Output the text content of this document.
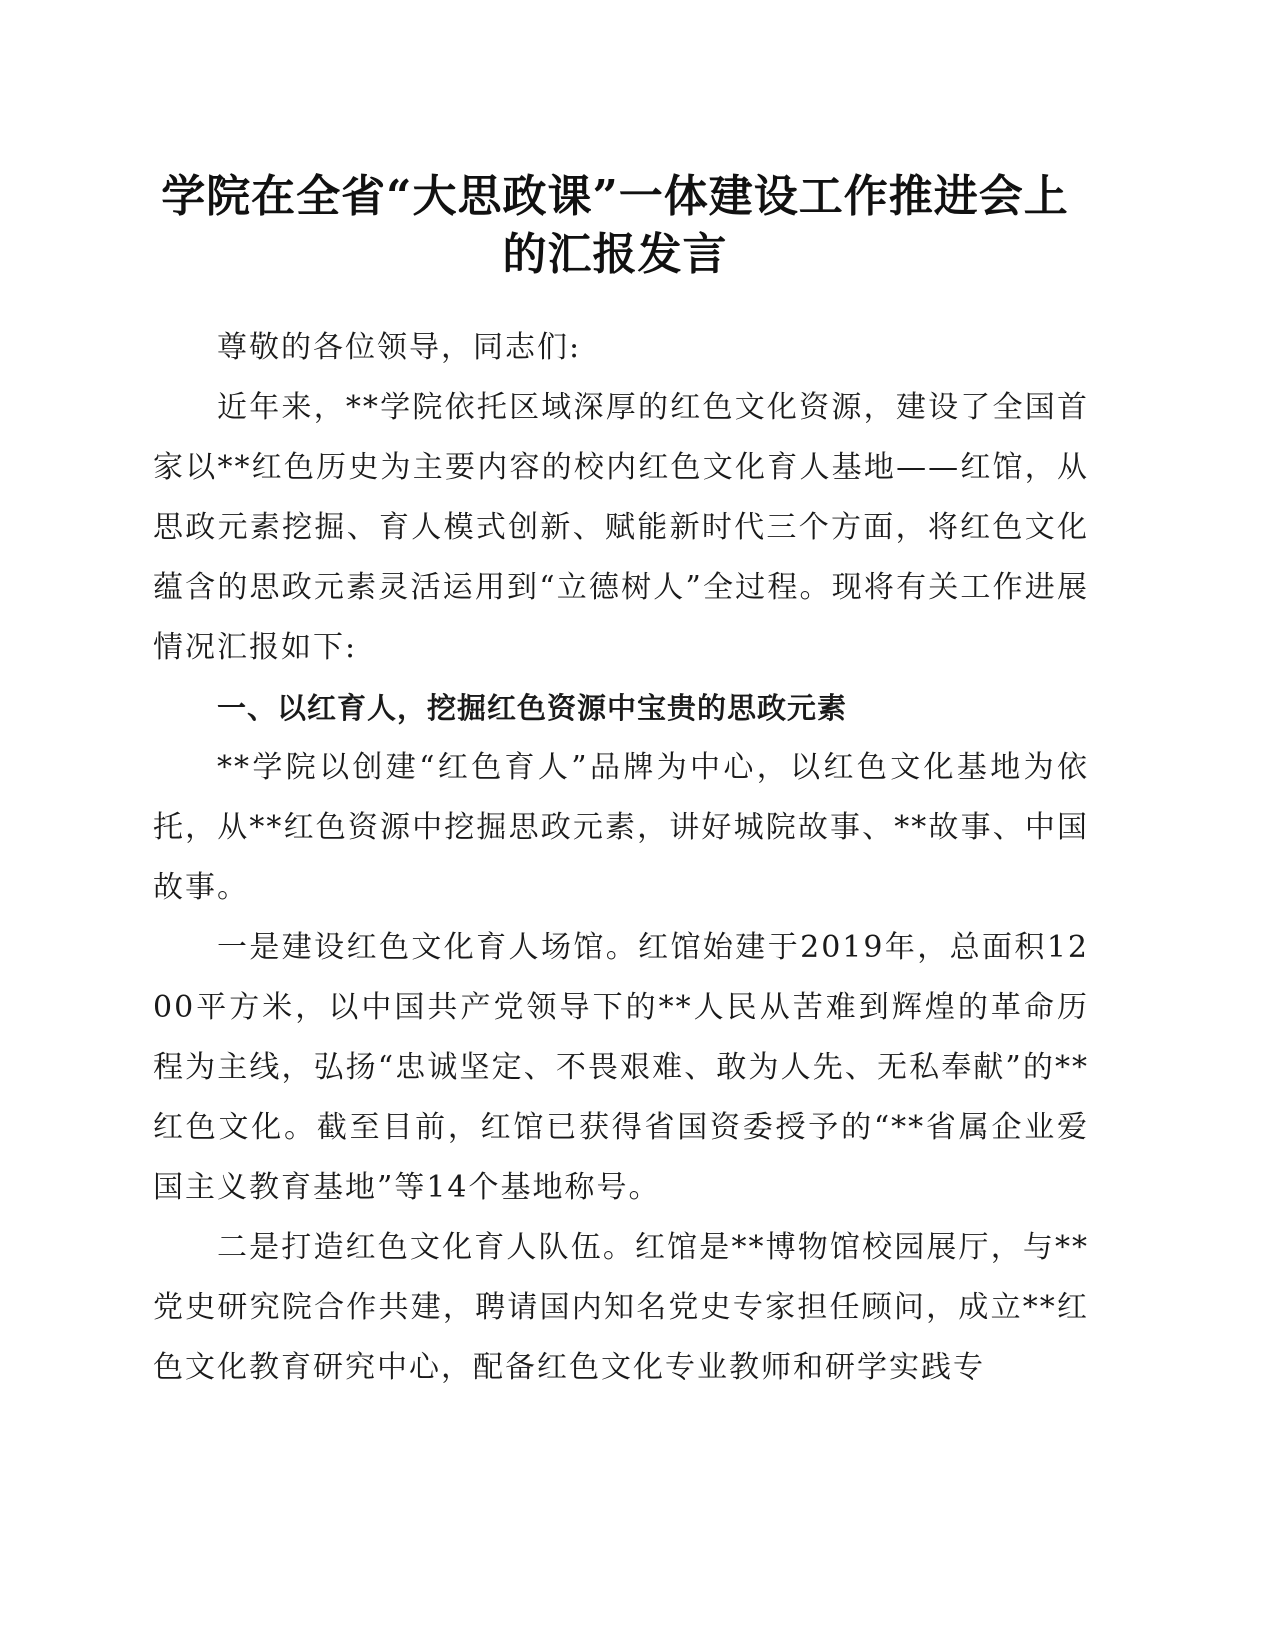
学院在全省“大思政课”一体建设工作推进会上的汇报发言

尊敬的各位领导，同志们:

近年来，**学院依托区域深厚的红色文化资源，建设了全国首家以**红色历史为主要内容的校内红色文化育人基地——红馆，从思政元素挖掘、育人模式创新、赋能新时代三个方面，将红色文化蕴含的思政元素灵活运用到“立德树人”全过程。现将有关工作进展情况汇报如下:

一、以红育人，挖掘红色资源中宝贵的思政元素

**学院以创建“红色育人”品牌为中心，以红色文化基地为依托，从**红色资源中挖掘思政元素，讲好城院故事、**故事、中国故事。

一是建设红色文化育人场馆。红馆始建于2019年，总面积1200平方米，以中国共产党领导下的**人民从苦难到辉煌的革命历程为主线，弘扬“忠诚坚定、不畏艰难、敢为人先、无私奉献”的**红色文化。截至目前，红馆已获得省国资委授予的“**省属企业爱国主义教育基地”等14个基地称号。

二是打造红色文化育人队伍。红馆是**博物馆校园展厅，与**党史研究院合作共建，聘请国内知名党史专家担任顾问，成立**红色文化教育研究中心，配备红色文化专业教师和研学实践专
